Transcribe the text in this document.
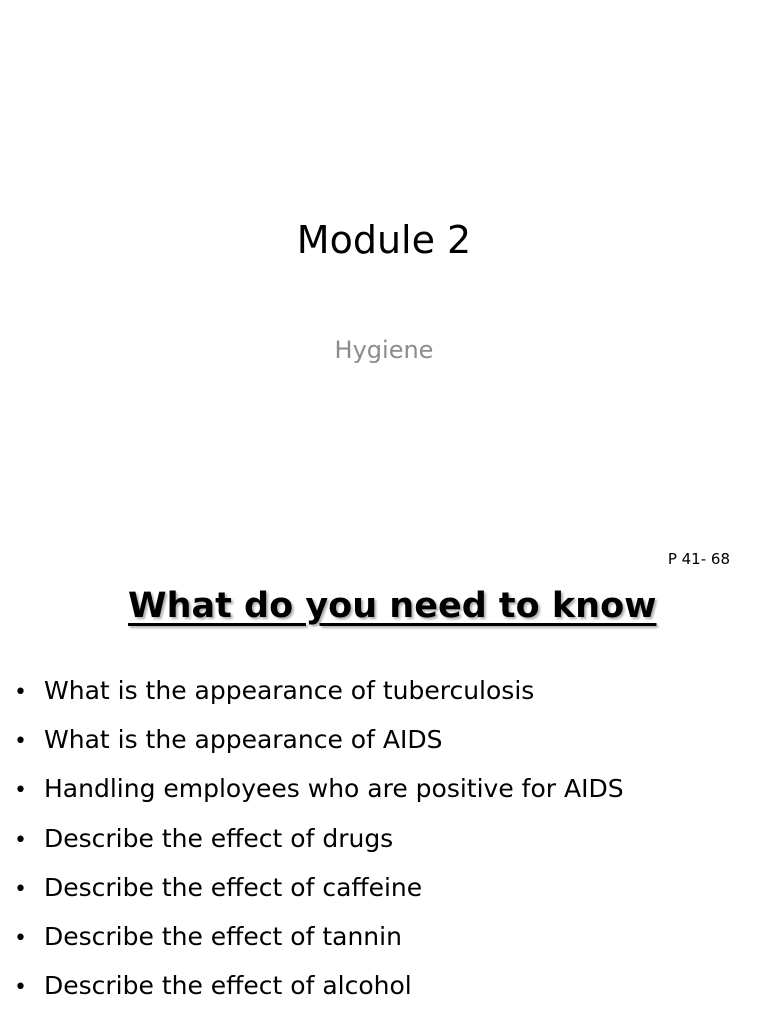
Module 2

Hygiene

P 41- 68
What do you need to know
• What is the appearance of tuberculosis
• What is the appearance of AIDS
• Handling employees who are positive for AIDS
• Describe the effect of drugs
• Describe the effect of caffeine
• Describe the effect of tannin
• Describe the effect of alcohol
